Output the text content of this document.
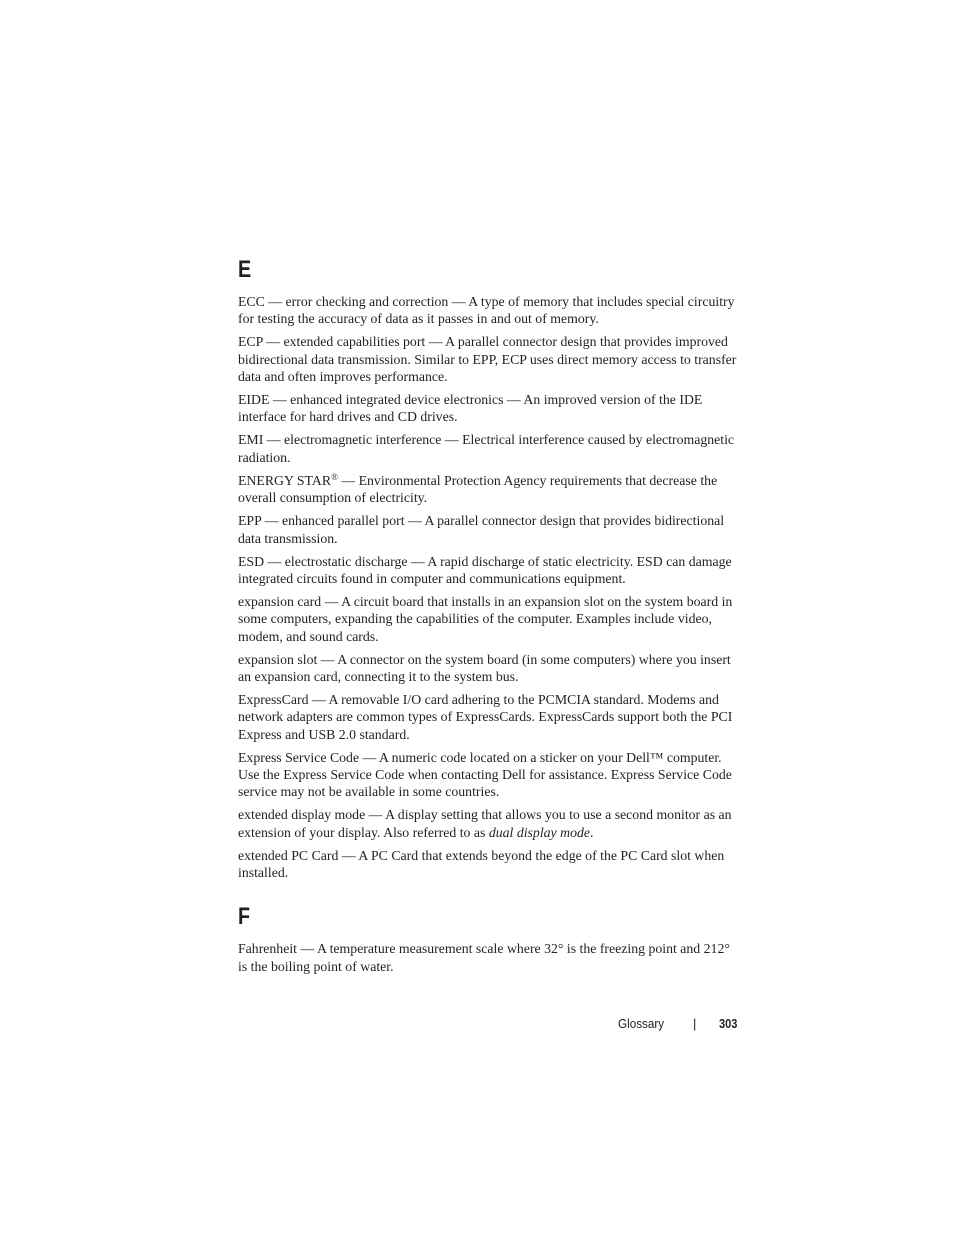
E

ECC — error checking and correction — A type of memory that includes special circuitry for testing the accuracy of data as it passes in and out of memory.

ECP — extended capabilities port — A parallel connector design that provides improved bidirectional data transmission. Similar to EPP, ECP uses direct memory access to transfer data and often improves performance.

EIDE — enhanced integrated device electronics — An improved version of the IDE interface for hard drives and CD drives.

EMI — electromagnetic interference — Electrical interference caused by electromagnetic radiation.

ENERGY STAR® — Environmental Protection Agency requirements that decrease the overall consumption of electricity.

EPP — enhanced parallel port — A parallel connector design that provides bidirectional data transmission.

ESD — electrostatic discharge — A rapid discharge of static electricity. ESD can damage integrated circuits found in computer and communications equipment.

expansion card — A circuit board that installs in an expansion slot on the system board in some computers, expanding the capabilities of the computer. Examples include video, modem, and sound cards.

expansion slot — A connector on the system board (in some computers) where you insert an expansion card, connecting it to the system bus.

ExpressCard — A removable I/O card adhering to the PCMCIA standard. Modems and network adapters are common types of ExpressCards. ExpressCards support both the PCI Express and USB 2.0 standard.

Express Service Code — A numeric code located on a sticker on your Dell™ computer. Use the Express Service Code when contacting Dell for assistance. Express Service Code service may not be available in some countries.

extended display mode — A display setting that allows you to use a second monitor as an extension of your display. Also referred to as dual display mode.

extended PC Card — A PC Card that extends beyond the edge of the PC Card slot when installed.

F

Fahrenheit — A temperature measurement scale where 32° is the freezing point and 212° is the boiling point of water.

Glossary | 303
